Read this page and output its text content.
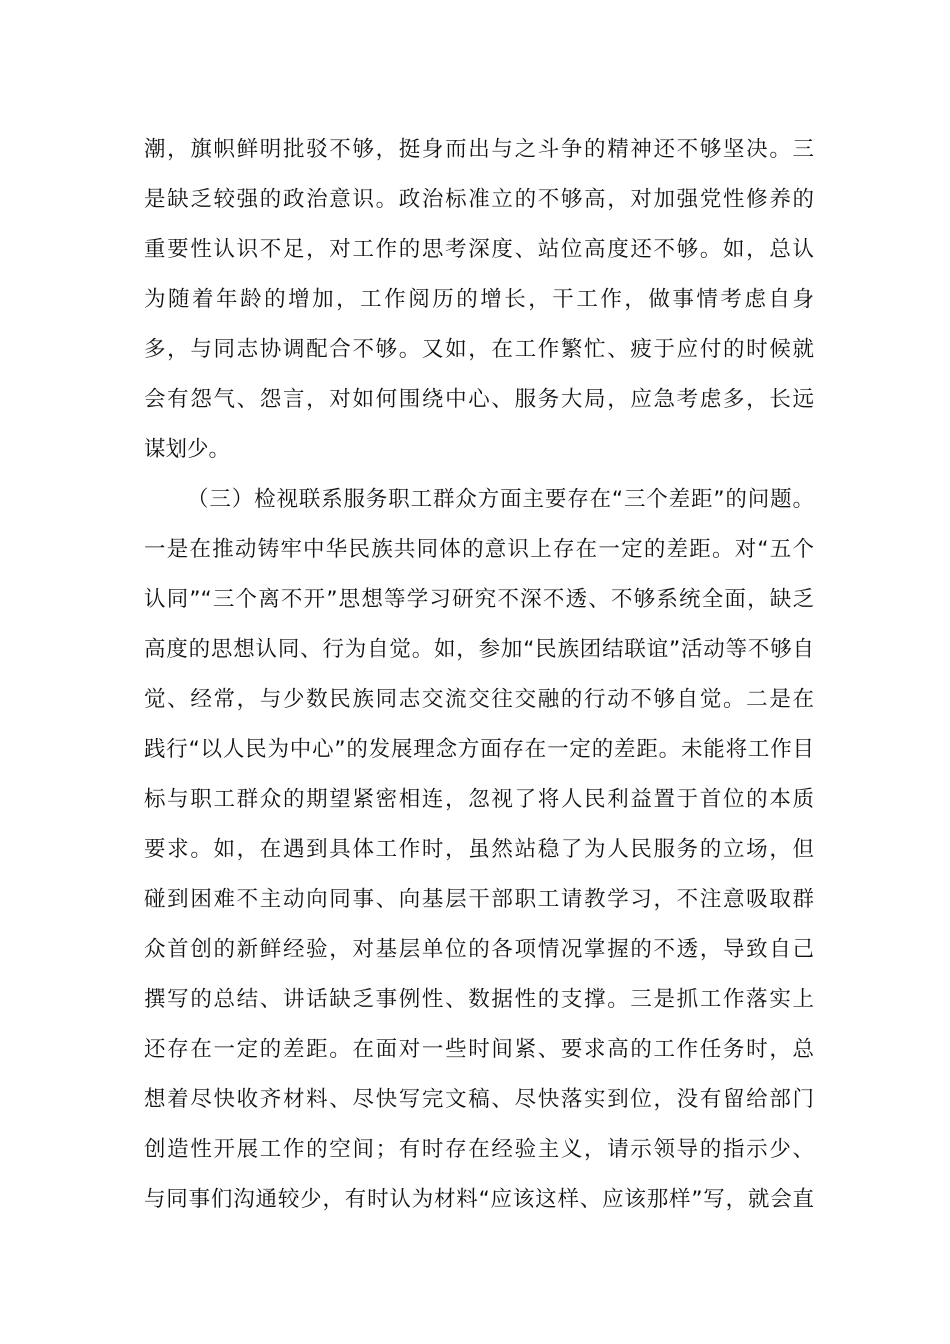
潮，旗帜鲜明批驳不够，挺身而出与之斗争的精神还不够坚决。三
是缺乏较强的政治意识。政治标准立的不够高，对加强党性修养的
重要性认识不足，对工作的思考深度、站位高度还不够。如，总认
为随着年龄的增加，工作阅历的增长，干工作，做事情考虑自身
多，与同志协调配合不够。又如，在工作繁忙、疲于应付的时候就
会有怨气、怨言，对如何围绕中心、服务大局，应急考虑多，长远
谋划少。
（三）检视联系服务职工群众方面主要存在“三个差距”的问题。
一是在推动铸牢中华民族共同体的意识上存在一定的差距。对“五个
认同”“三个离不开”思想等学习研究不深不透、不够系统全面，缺乏
高度的思想认同、行为自觉。如，参加“民族团结联谊”活动等不够自
觉、经常，与少数民族同志交流交往交融的行动不够自觉。二是在
践行“以人民为中心”的发展理念方面存在一定的差距。未能将工作目
标与职工群众的期望紧密相连，忽视了将人民利益置于首位的本质
要求。如，在遇到具体工作时，虽然站稳了为人民服务的立场，但
碰到困难不主动向同事、向基层干部职工请教学习，不注意吸取群
众首创的新鲜经验，对基层单位的各项情况掌握的不透，导致自己
撰写的总结、讲话缺乏事例性、数据性的支撑。三是抓工作落实上
还存在一定的差距。在面对一些时间紧、要求高的工作任务时，总
想着尽快收齐材料、尽快写完文稿、尽快落实到位，没有留给部门
创造性开展工作的空间；有时存在经验主义，请示领导的指示少、
与同事们沟通较少，有时认为材料“应该这样、应该那样”写，就会直
